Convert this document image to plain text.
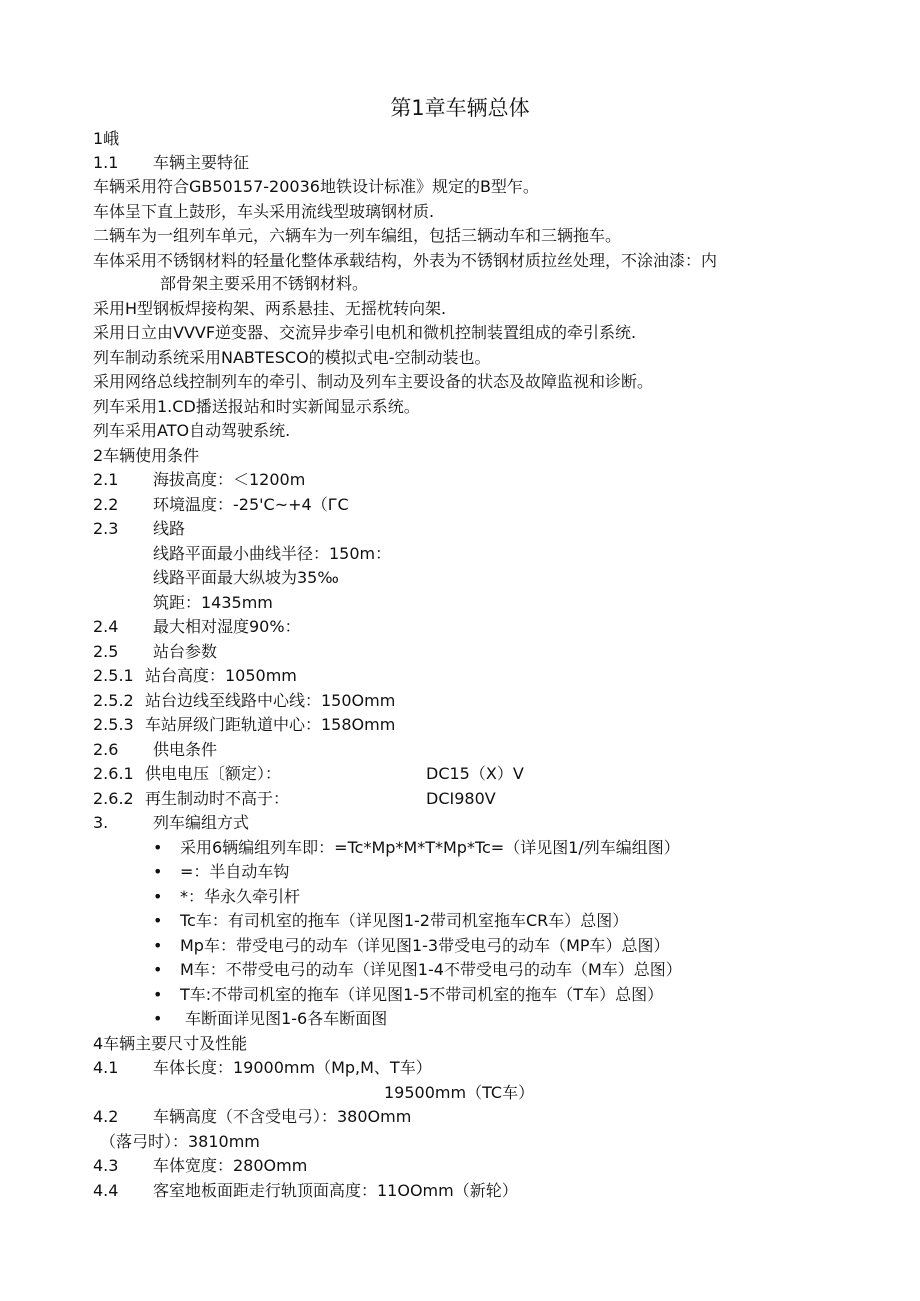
第1章车辆总体
1峨
1.1 车辆主要特征
车辆采用符合GB50157-20036地铁设计标准》规定的B型乍。
车体呈下直上鼓形，车头采用流线型玻璃钢材质.
二辆车为一组列车单元，六辆车为一列车编组，包括三辆动车和三辆拖车。
车体采用不锈钢材料的轻量化整体承载结构，外表为不锈钢材质拉丝处理，不涂油漆：内
部骨架主要采用不锈钢材料。
采用H型钢板焊接构架、两系悬挂、无摇枕转向架.
采用日立由VVVF逆变器、交流异步牵引电机和微机控制装置组成的牵引系统.
列车制动系统采用NABTESCO的模拟式电-空制动装也。
采用网络总线控制列车的牵引、制动及列车主要设备的状态及故障监视和诊断。
列车采用1.CD播送报站和时实新闻显示系统。
列车采用ATO自动驾驶系统.
2车辆使用条件
2.1 海拔高度：＜1200m
2.2 环境温度：-25'C~+4（ГC
2.3 线路
线路平面最小曲线半径：150m：
线路平面最大纵坡为35‰
筑距：1435mm
2.4 最大相对湿度90%：
2.5 站台参数
2.5.1 站台高度：1050mm
2.5.2 站台边线至线路中心线：150Omm
2.5.3 车站屏级门距轨道中心：158Omm
2.6 供电条件
2.6.1 供电电压〔额定）：	DC15（X）V
2.6.2 再生制动时不高于：	DCI980V
3.	列车编组方式
• 采用6辆编组列车即：=Tc*Mp*M*T*Mp*Tc=（详见图1/列车编组图）
• =：半自动车钩
• *：华永久牵引杆
• Tc车：有司机室的拖车（详见图1-2带司机室拖车CR车）总图）
• Mp车：带受电弓的动车（详见图1-3带受电弓的动车（MP车）总图）
• M车：不带受电弓的动车（详见图1-4不带受电弓的动车（M车）总图）
• T车:不带司机室的拖车（详见图1-5不带司机室的拖车（T车）总图）
• 车断面详见图1-6各车断面图
4车辆主要尺寸及性能
4.1 车体长度：19000mm（Mp,M、T车）
19500mm（TC车）
4.2 车辆高度（不含受电弓）：380Omm
（落弓时）：3810mm
4.3 车体宽度：280Omm
4.4 客室地板面距走行轨顶面高度：11OOmm（新轮）
